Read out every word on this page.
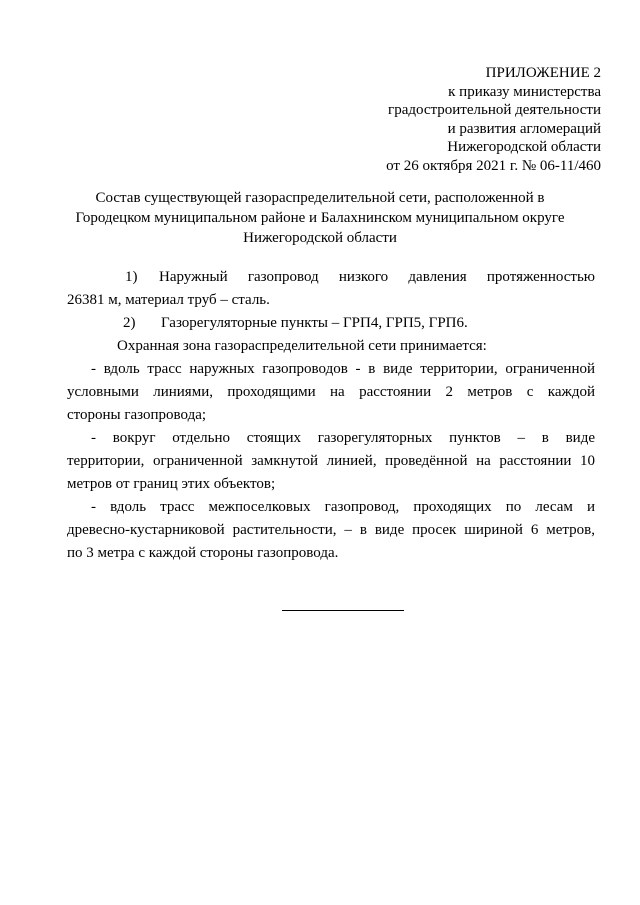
ПРИЛОЖЕНИЕ 2
к приказу министерства
градостроительной деятельности
и развития агломераций
Нижегородской области
от 26 октября 2021 г. № 06-11/460
Состав существующей газораспределительной сети, расположенной в
Городецком муниципальном районе и Балахнинском муниципальном округе
Нижегородской области
1) Наружный газопровод низкого давления протяженностью
26381 м, материал труб – сталь.
2) Газорегуляторные пункты – ГРП4, ГРП5, ГРП6.
Охранная зона газораспределительной сети принимается:
- вдоль трасс наружных газопроводов - в виде территории, ограниченной
условными линиями, проходящими на расстоянии 2 метров с каждой
стороны газопровода;
- вокруг отдельно стоящих газорегуляторных пунктов – в виде
территории, ограниченной замкнутой линией, проведённой на расстоянии 10
метров от границ этих объектов;
- вдоль трасс межпоселковых газопровод, проходящих по лесам и
древесно-кустарниковой растительности, – в виде просек шириной 6 метров,
по 3 метра с каждой стороны газопровода.
